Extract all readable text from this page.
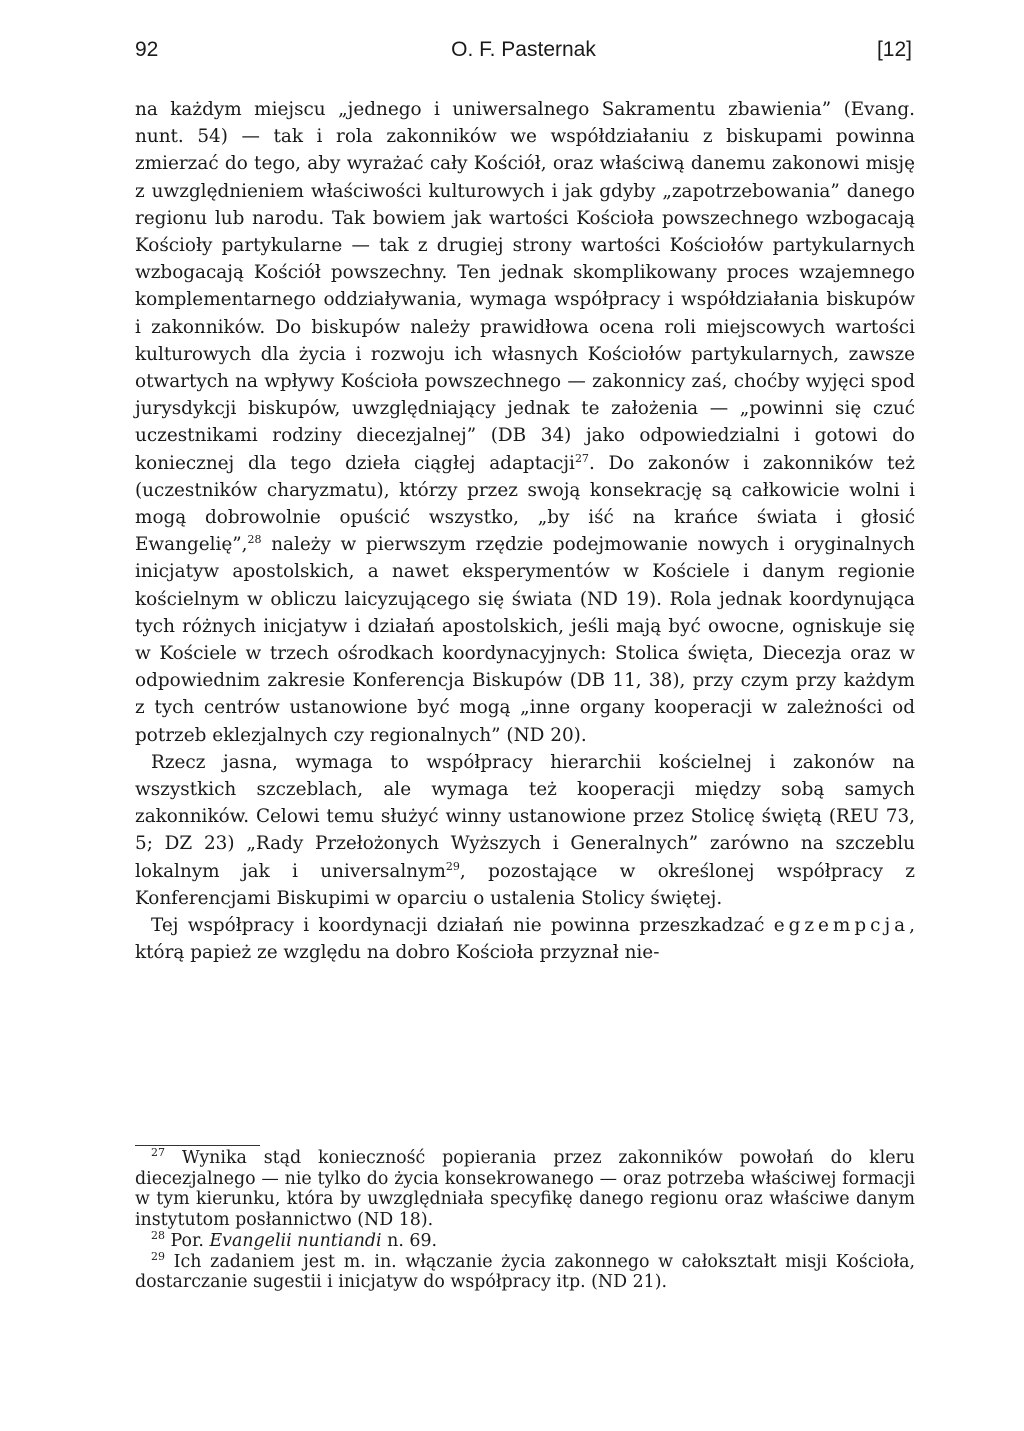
92	O. F. Pasternak	[12]

na każdym miejscu „jednego i uniwersalnego Sakramentu zbawienia” (Evang. nunt. 54) — tak i rola zakonników we współdziałaniu z biskupami powinna zmierzać do tego, aby wyrażać cały Kościół, oraz właściwą danemu zakonowi misję z uwzględnieniem właściwości kulturowych i jak gdyby „zapotrzebowania” danego regionu lub narodu. Tak bowiem jak wartości Kościoła powszechnego wzbogacają Kościoły partykularne — tak z drugiej strony wartości Kościołów partykularnych wzbogacają Kościół powszechny. Ten jednak skomplikowany proces wzajemnego komplementarnego oddziaływania, wymaga współpracy i współdziałania biskupów i zakonników. Do biskupów należy prawidłowa ocena roli miejscowych wartości kulturowych dla życia i rozwoju ich własnych Kościołów partykularnych, zawsze otwartych na wpływy Kościoła powszechnego — zakonnicy zaś, choćby wyjęci spod jurysdykcji biskupów, uwzględniający jednak te założenia — „powinni się czuć uczestnikami rodziny diecezjalnej” (DB 34) jako odpowiedzialni i gotowi do koniecznej dla tego dzieła ciągłej adaptacji$^{27}$. Do zakonów i zakonników też (uczestników charyzmatu), którzy przez swoją konsekrację są całkowicie wolni i mogą dobrowolnie opuścić wszystko, „by iść na krańce świata i głosić Ewangelię”,$^{28}$ należy w pierwszym rzędzie podejmowanie nowych i oryginalnych inicjatyw apostolskich, a nawet eksperymentów w Kościele i danym regionie kościelnym w obliczu laicyzującego się świata (ND 19). Rola jednak koordynująca tych różnych inicjatyw i działań apostolskich, jeśli mają być owocne, ogniskuje się w Kościele w trzech ośrodkach koordynacyjnych: Stolica święta, Diecezja oraz w odpowiednim zakresie Konferencja Biskupów (DB 11, 38), przy czym przy każdym z tych centrów ustanowione być mogą „inne organy kooperacji w zależności od potrzeb eklezjalnych czy regionalnych” (ND 20).

Rzecz jasna, wymaga to współpracy hierarchii kościelnej i zakonów na wszystkich szczeblach, ale wymaga też kooperacji między sobą samych zakonników. Celowi temu służyć winny ustanowione przez Stolicę świętą (REU 73, 5; DZ 23) „Rady Przełożonych Wyższych i Generalnych” zarówno na szczeblu lokalnym jak i universalnym$^{29}$, pozostające w określonej współpracy z Konferencjami Biskupimi w oparciu o ustalenia Stolicy świętej.

Tej współpracy i koordynacji działań nie powinna przeszkadzać egzempcja, którą papież ze względu na dobro Kościoła przyznał nie-

$^{27}$ Wynika stąd konieczność popierania przez zakonników powołań do kleru diecezjalnego — nie tylko do życia konsekrowanego — oraz potrzeba właściwej formacji w tym kierunku, która by uwzględniała specyfikę danego regionu oraz właściwe danym instytutom posłannictwo (ND 18).

$^{28}$ Por. Evangelii nuntiandi n. 69.

$^{29}$ Ich zadaniem jest m. in. włączanie życia zakonnego w całokształt misji Kościoła, dostarczanie sugestii i inicjatyw do współpracy itp. (ND 21).
